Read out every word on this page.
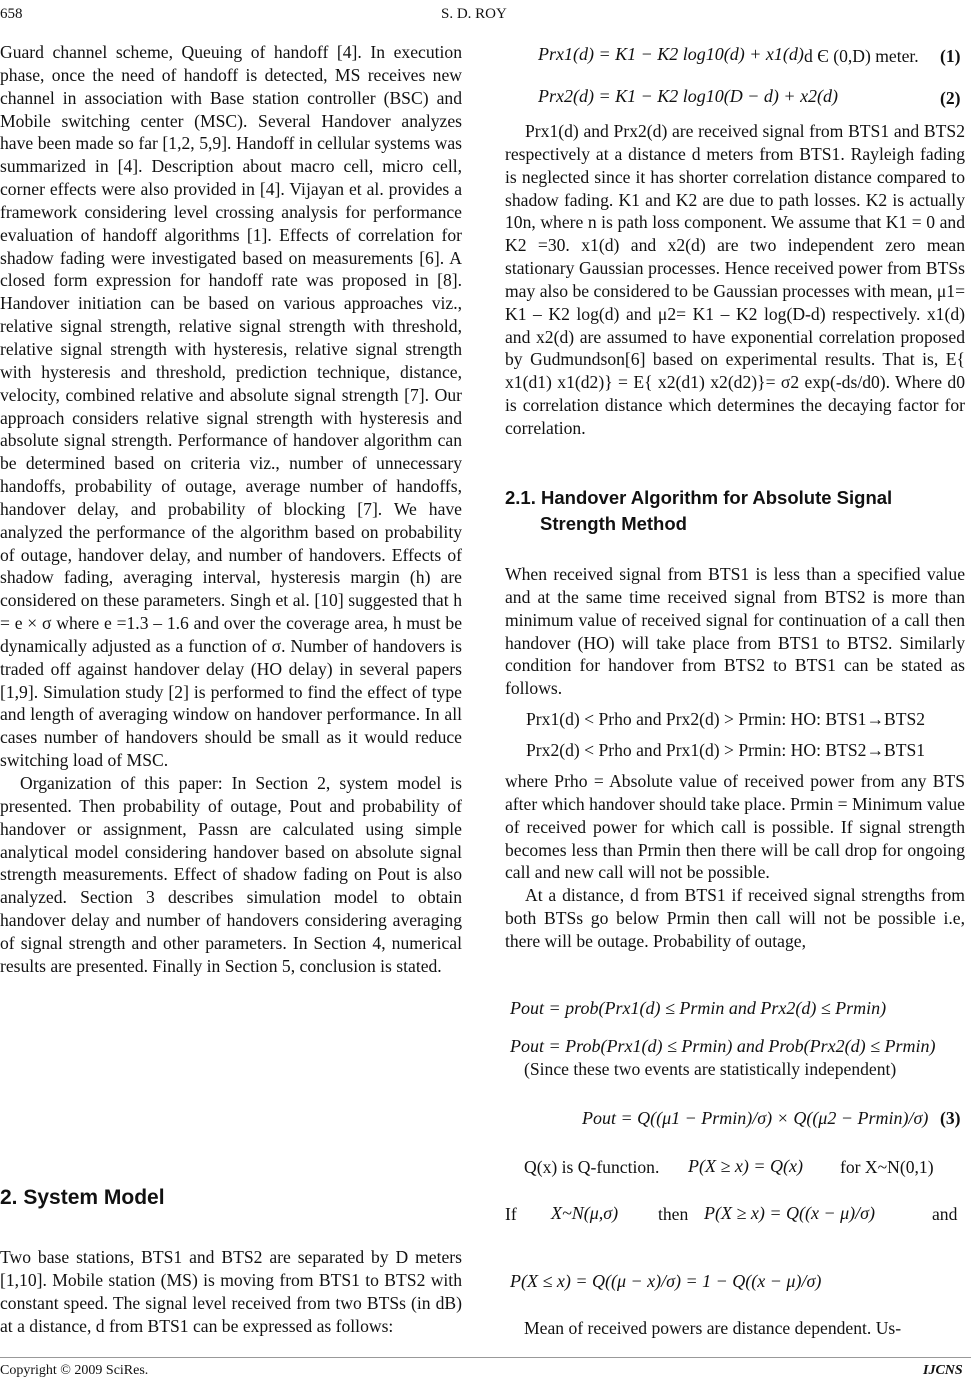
658	S. D. ROY

Guard channel scheme, Queuing of handoff [4]. In execution phase, once the need of handoff is detected, MS receives new channel in association with Base station controller (BSC) and Mobile switching center (MSC). Several Handover analyzes have been made so far [1,2, 5,9]. Handoff in cellular systems was summarized in [4]. Description about macro cell, micro cell, corner effects were also provided in [4]. Vijayan et al. provides a framework considering level crossing analysis for performance evaluation of handoff algorithms [1]. Effects of correlation for shadow fading were investigated based on measurements [6]. A closed form expression for handoff rate was proposed in [8]. Handover initiation can be based on various approaches viz., relative signal strength, relative signal strength with threshold, relative signal strength with hysteresis, relative signal strength with hysteresis and threshold, prediction technique, distance, velocity, combined relative and absolute signal strength [7]. Our approach considers relative signal strength with hysteresis and absolute signal strength. Performance of handover algorithm can be determined based on criteria viz., number of unnecessary handoffs, probability of outage, average number of handoffs, handover delay, and probability of blocking [7]. We have analyzed the performance of the algorithm based on probability of outage, handover delay, and number of handovers. Effects of shadow fading, averaging interval, hysteresis margin (h) are considered on these parameters. Singh et al. [10] suggested that h = e × σ where e =1.3 – 1.6 and over the coverage area, h must be dynamically adjusted as a function of σ. Number of handovers is traded off against handover delay (HO delay) in several papers [1,9]. Simulation study [2] is performed to find the effect of type and length of averaging window on handover performance. In all cases number of handovers should be small as it would reduce switching load of MSC.

Organization of this paper: In Section 2, system model is presented. Then probability of outage, Pout and probability of handover or assignment, Passn are calculated using simple analytical model considering handover based on absolute signal strength measurements. Effect of shadow fading on Pout is also analyzed. Section 3 describes simulation model to obtain handover delay and number of handovers considering averaging of signal strength and other parameters. In Section 4, numerical results are presented. Finally in Section 5, conclusion is stated.

2. System Model

Two base stations, BTS1 and BTS2 are separated by D meters [1,10]. Mobile station (MS) is moving from BTS1 to BTS2 with constant speed. The signal level received from two BTSs (in dB) at a distance, d from BTS1 can be expressed as follows:

Prx1(d) = K1 − K2 log10(d) + x1(d) d Є (0,D) meter. (1)
Prx2(d) = K1 − K2 log10(D − d) + x2(d)	(2)

Prx1(d) and Prx2(d) are received signal from BTS1 and BTS2 respectively at a distance d meters from BTS1. Rayleigh fading is neglected since it has shorter correlation distance compared to shadow fading. K1 and K2 are due to path losses. K2 is actually 10n, where n is path loss component. We assume that K1 = 0 and K2 =30. x1(d) and x2(d) are two independent zero mean stationary Gaussian processes. Hence received power from BTSs may also be considered to be Gaussian processes with mean, μ1= K1 – K2 log(d) and μ2= K1 – K2 log(D-d) respectively. x1(d) and x2(d) are assumed to have exponential correlation proposed by Gudmundson[6] based on experimental results. That is, E{ x1(d1) x1(d2)} = E{ x2(d1) x2(d2)}= σ2 exp(-ds/d0). Where d0 is correlation distance which determines the decaying factor for correlation.

2.1. Handover Algorithm for Absolute Signal
Strength Method

When received signal from BTS1 is less than a specified value and at the same time received signal from BTS2 is more than minimum value of received signal for continuation of a call then handover (HO) will take place from BTS1 to BTS2. Similarly condition for handover from BTS2 to BTS1 can be stated as follows.

Prx1(d) < Prho and Prx2(d) > Prmin: HO: BTS1→BTS2
Prx2(d) < Prho and Prx1(d) > Prmin: HO: BTS2→BTS1

where Prho = Absolute value of received power from any BTS after which handover should take place. Prmin = Minimum value of received power for which call is possible. If signal strength becomes less than Prmin then there will be call drop for ongoing call and new call will not be possible.

At a distance, d from BTS1 if received signal strengths from both BTSs go below Prmin then call will not be possible i.e, there will be outage. Probability of outage,

Pout = prob(Prx1(d) ≤ Prmin and Prx2(d) ≤ Prmin)
Pout = Prob(Prx1(d) ≤ Prmin) and Prob(Prx2(d) ≤ Prmin)
(Since these two events are statistically independent)
Pout = Q((μ1 − Prmin)/σ) × Q((μ2 − Prmin)/σ) (3)
Q(x) is Q-function. P(X ≥ x) = Q(x) for X~N(0,1)
If X~N(μ,σ) then P(X ≥ x) = Q((x − μ)/σ)	and
P(X ≤ x) = Q((μ − x)/σ) = 1 − Q((x − μ)/σ)
Mean of received powers are distance dependent. Us-
Copyright © 2009 SciRes.	IJCNS
